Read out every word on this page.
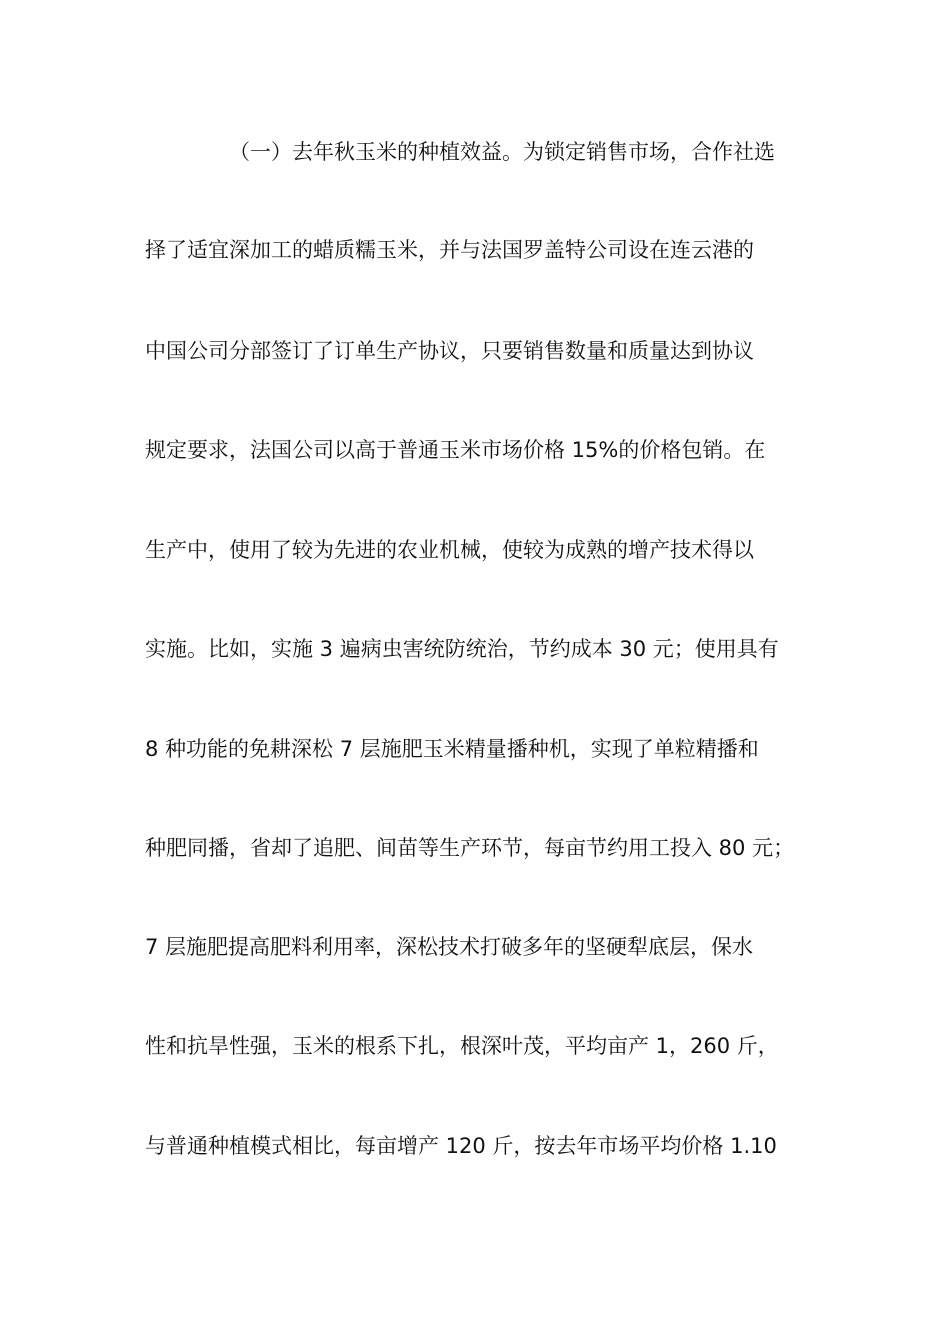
（一）去年秋玉米的种植效益。为锁定销售市场，合作社选
择了适宜深加工的蜡质糯玉米，并与法国罗盖特公司设在连云港的
中国公司分部签订了订单生产协议，只要销售数量和质量达到协议
规定要求，法国公司以高于普通玉米市场价格 15%的价格包销。在
生产中，使用了较为先进的农业机械，使较为成熟的增产技术得以
实施。比如，实施 3 遍病虫害统防统治，节约成本 30 元；使用具有
8 种功能的免耕深松 7 层施肥玉米精量播种机，实现了单粒精播和
种肥同播，省却了追肥、间苗等生产环节，每亩节约用工投入 80 元；
7 层施肥提高肥料利用率，深松技术打破多年的坚硬犁底层，保水
性和抗旱性强，玉米的根系下扎，根深叶茂，平均亩产 1，260 斤，
与普通种植模式相比，每亩增产 120 斤，按去年市场平均价格 1.10
